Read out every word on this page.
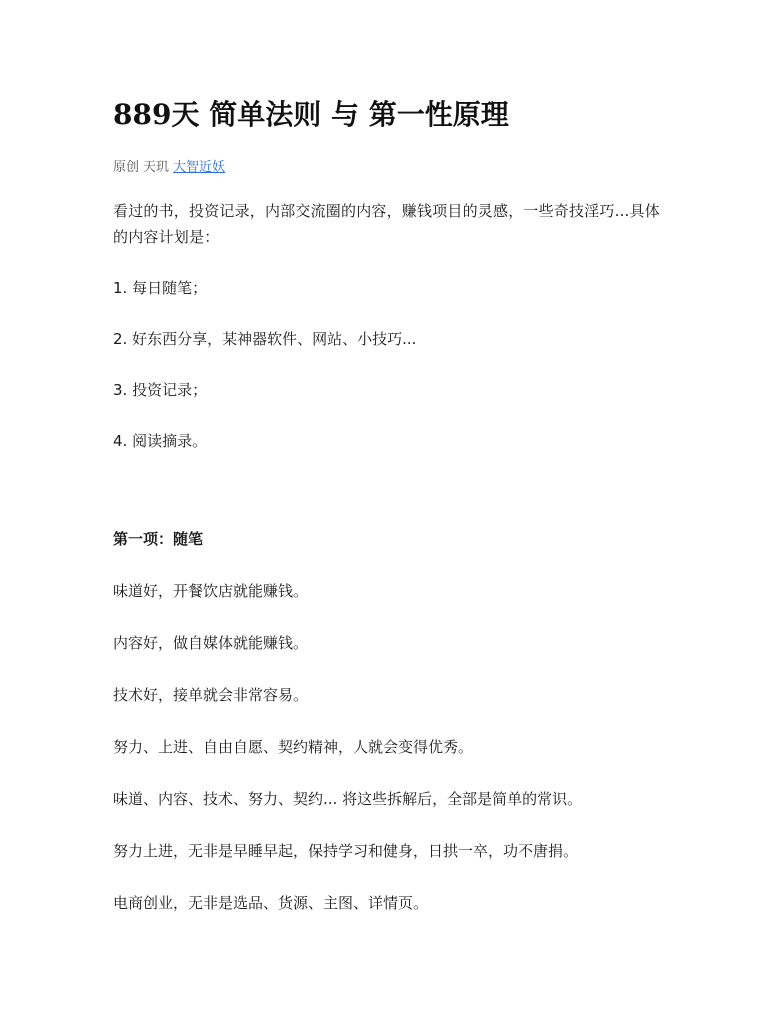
889天 简单法则 与 第一性原理
原创 天玑 大智近妖

看过的书，投资记录，内部交流圈的内容，赚钱项目的灵感，一些奇技淫巧...具体的内容计划是：

1. 每日随笔；

2. 好东西分享，某神器软件、网站、小技巧...

3. 投资记录；

4. 阅读摘录。

第一项：随笔

味道好，开餐饮店就能赚钱。

内容好，做自媒体就能赚钱。

技术好，接单就会非常容易。

努力、上进、自由自愿、契约精神，人就会变得优秀。

味道、内容、技术、努力、契约... 将这些拆解后，全部是简单的常识。

努力上进，无非是早睡早起，保持学习和健身，日拱一卒，功不唐捐。

电商创业，无非是选品、货源、主图、详情页。
